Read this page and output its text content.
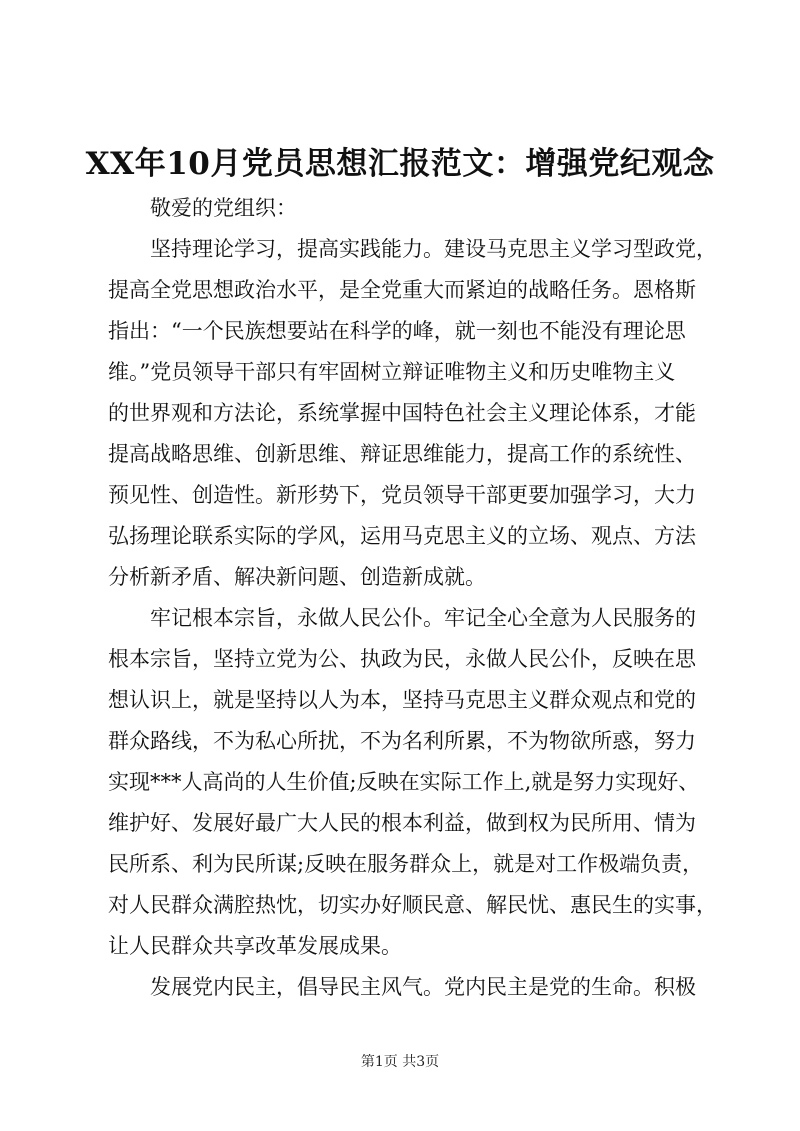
XX年10月党员思想汇报范文：增强党纪观念

敬爱的党组织：

坚持理论学习，提高实践能力。建设马克思主义学习型政党，
提高全党思想政治水平，是全党重大而紧迫的战略任务。恩格斯
指出：“一个民族想要站在科学的峰，就一刻也不能没有理论思
维。”党员领导干部只有牢固树立辩证唯物主义和历史唯物主义
的世界观和方法论，系统掌握中国特色社会主义理论体系，才能
提高战略思维、创新思维、辩证思维能力，提高工作的系统性、
预见性、创造性。新形势下，党员领导干部更要加强学习，大力
弘扬理论联系实际的学风，运用马克思主义的立场、观点、方法
分析新矛盾、解决新问题、创造新成就。

牢记根本宗旨，永做人民公仆。牢记全心全意为人民服务的
根本宗旨，坚持立党为公、执政为民，永做人民公仆，反映在思
想认识上，就是坚持以人为本，坚持马克思主义群众观点和党的
群众路线，不为私心所扰，不为名利所累，不为物欲所惑，努力
实现***人高尚的人生价值;反映在实际工作上,就是努力实现好、
维护好、发展好最广大人民的根本利益，做到权为民所用、情为
民所系、利为民所谋;反映在服务群众上，就是对工作极端负责，
对人民群众满腔热忱，切实办好顺民意、解民忧、惠民生的实事，
让人民群众共享改革发展成果。

发展党内民主，倡导民主风气。党内民主是党的生命。积极

第1页 共3页
